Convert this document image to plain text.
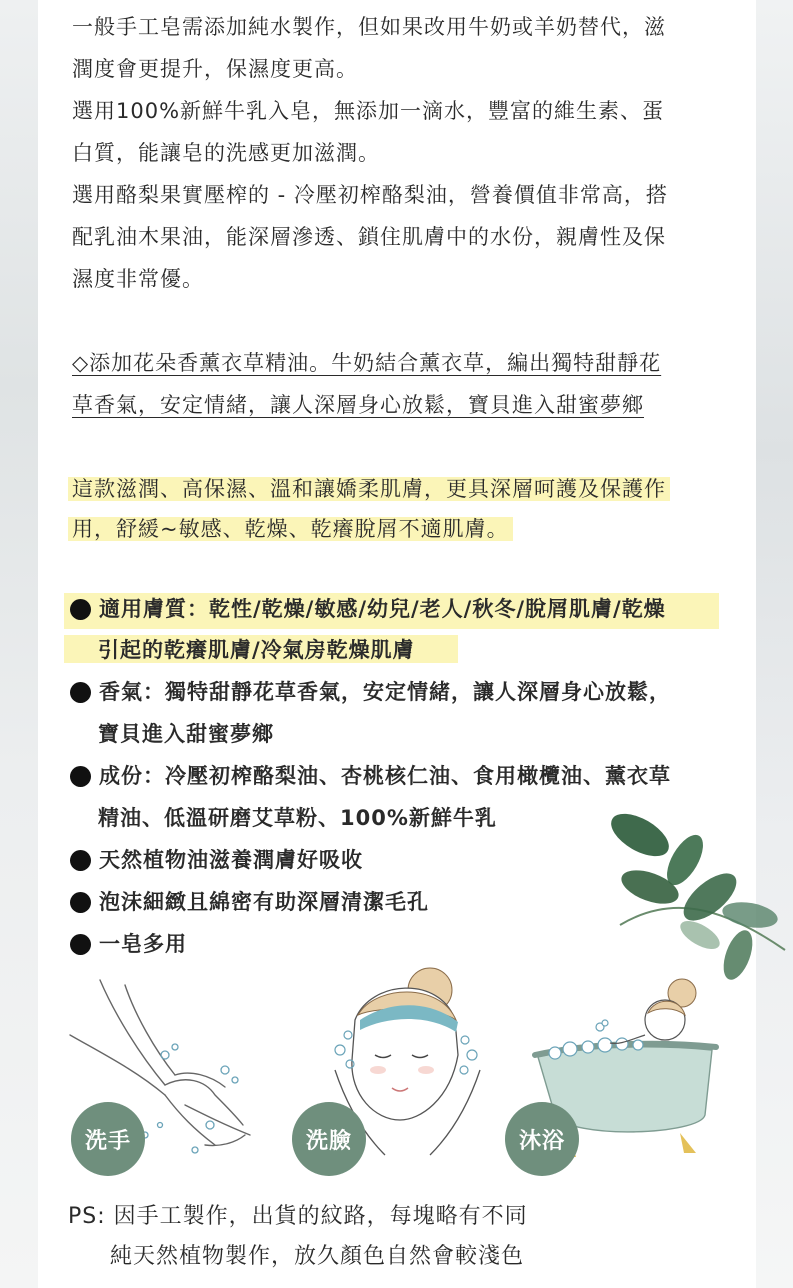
一般手工皂需添加純水製作，但如果改用牛奶或羊奶替代，滋

潤度會更提升，保濕度更高。

選用100%新鮮牛乳入皂，無添加一滴水，豐富的維生素、蛋

白質，能讓皂的洗感更加滋潤。

選用酪梨果實壓榨的 - 冷壓初榨酪梨油，營養價值非常高，搭

配乳油木果油，能深層滲透、鎖住肌膚中的水份，親膚性及保

濕度非常優。

◇添加花朵香薰衣草精油。牛奶結合薰衣草，編出獨特甜靜花

草香氣，安定情緒，讓人深層身心放鬆，寶貝進入甜蜜夢鄉

這款滋潤、高保濕、溫和讓嬌柔肌膚，更具深層呵護及保護作

用，舒緩~敏感、乾燥、乾癢脫屑不適肌膚。

適用膚質：乾性/乾燥/敏感/幼兒/老人/秋冬/脫屑肌膚/乾燥
引起的乾癢肌膚/冷氣房乾燥肌膚
香氣：獨特甜靜花草香氣，安定情緒，讓人深層身心放鬆，
寶貝進入甜蜜夢鄉
成份：冷壓初榨酪梨油、杏桃核仁油、食用橄欖油、薰衣草
精油、低溫研磨艾草粉、100%新鮮牛乳
天然植物油滋養潤膚好吸收
泡沫細緻且綿密有助深層清潔毛孔
一皂多用
洗手	洗臉	沐浴
PS: 因手工製作，出貨的紋路，每塊略有不同
純天然植物製作，放久顏色自然會較淺色
